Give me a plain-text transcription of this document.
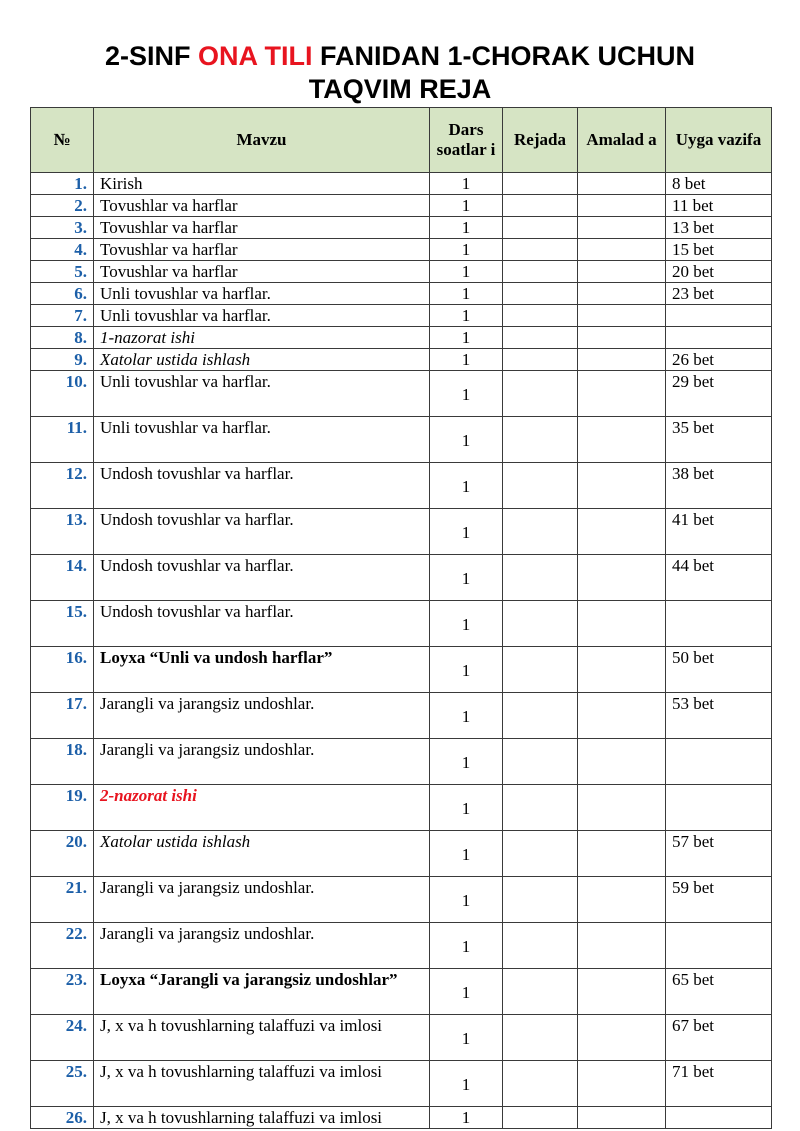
2-SINF ONA TILI FANIDAN 1-CHORAK UCHUN
TAQVIM REJA
№	Mavzu	Dars soatlar i	Rejada	Amalad a	Uyga vazifa
1.	Kirish	1			8 bet
2.	Tovushlar va harflar	1			11 bet
3.	Tovushlar va harflar	1			13 bet
4.	Tovushlar va harflar	1			15 bet
5.	Tovushlar va harflar	1			20 bet
6.	Unli tovushlar va harflar.	1			23 bet
7.	Unli tovushlar va harflar.	1			
8.	1-nazorat ishi	1			
9.	Xatolar ustida ishlash	1			26 bet
10.	Unli tovushlar va harflar.	1			29 bet
11.	Unli tovushlar va harflar.	1			35 bet
12.	Undosh tovushlar va harflar.	1			38 bet
13.	Undosh tovushlar va harflar.	1			41 bet
14.	Undosh tovushlar va harflar.	1			44 bet
15.	Undosh tovushlar va harflar.	1			
16.	Loyxa “Unli va undosh harflar”	1			50 bet
17.	Jarangli va jarangsiz undoshlar.	1			53 bet
18.	Jarangli va jarangsiz undoshlar.	1			
19.	2-nazorat ishi	1			
20.	Xatolar ustida ishlash	1			57 bet
21.	Jarangli va jarangsiz undoshlar.	1			59 bet
22.	Jarangli va jarangsiz undoshlar.	1			
23.	Loyxa “Jarangli va jarangsiz undoshlar”	1			65 bet
24.	J, x va h tovushlarning talaffuzi va imlosi	1			67 bet
25.	J, x va h tovushlarning talaffuzi va imlosi	1			71 bet
26.	J, x va h tovushlarning talaffuzi va imlosi	1			
